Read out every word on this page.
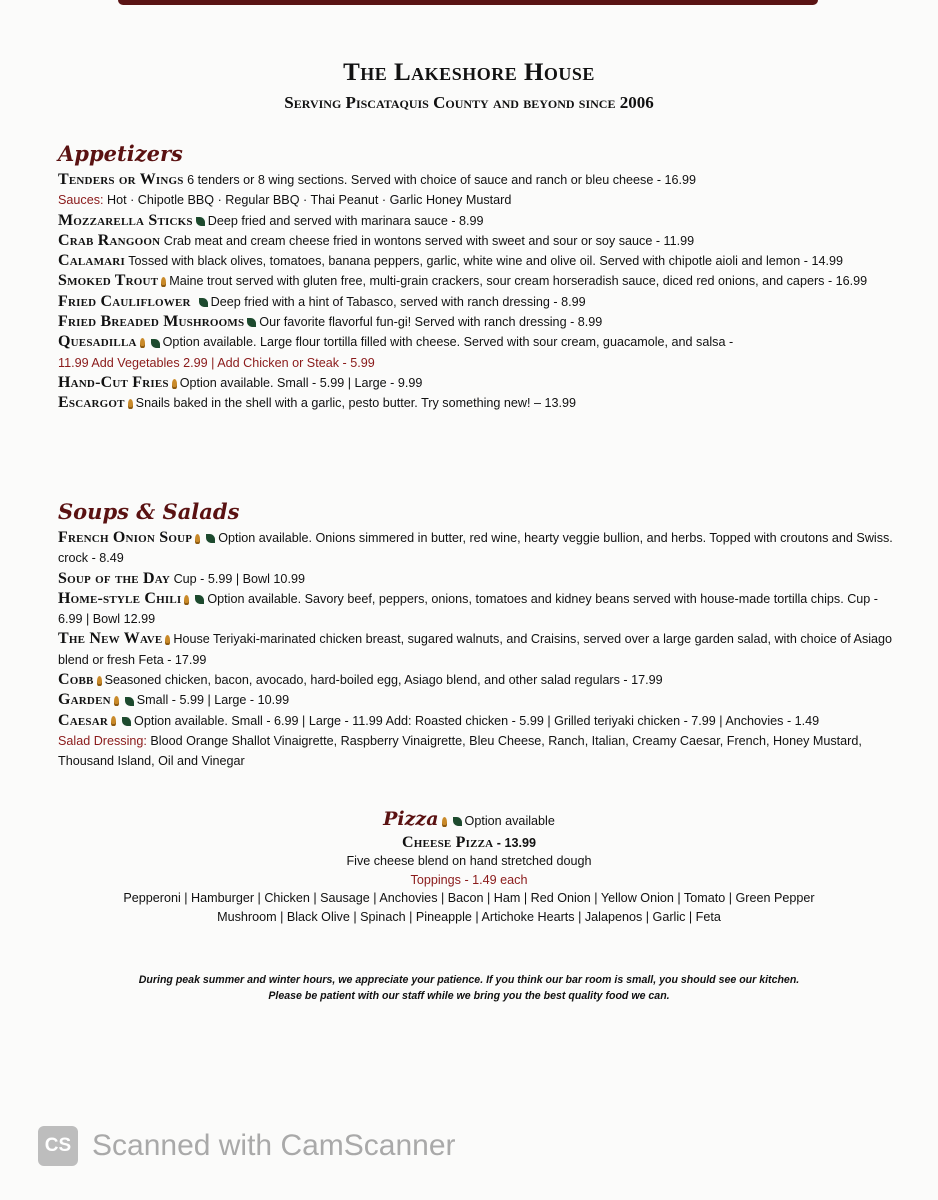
The Lakeshore House
Serving Piscataquis County and beyond since 2006
Appetizers
Tenders or Wings 6 tenders or 8 wing sections. Served with choice of sauce and ranch or bleu cheese - 16.99
Sauces: Hot · Chipotle BBQ · Regular BBQ · Thai Peanut · Garlic Honey Mustard
Mozzarella Sticks Deep fried and served with marinara sauce - 8.99
Crab Rangoon Crab meat and cream cheese fried in wontons served with sweet and sour or soy sauce - 11.99
Calamari Tossed with black olives, tomatoes, banana peppers, garlic, white wine and olive oil. Served with chipotle aioli and lemon - 14.99
Smoked Trout Maine trout served with gluten free, multi-grain crackers, sour cream horseradish sauce, diced red onions, and capers - 16.99
Fried Cauliflower Deep fried with a hint of Tabasco, served with ranch dressing - 8.99
Fried Breaded Mushrooms Our favorite flavorful fun-gi! Served with ranch dressing - 8.99
Quesadilla Option available. Large flour tortilla filled with cheese. Served with sour cream, guacamole, and salsa -
11.99 Add Vegetables 2.99 | Add Chicken or Steak - 5.99
Hand-Cut Fries Option available. Small - 5.99 | Large - 9.99
Escargot Snails baked in the shell with a garlic, pesto butter. Try something new! – 13.99
Soups & Salads
French Onion Soup Option available. Onions simmered in butter, red wine, hearty veggie bullion, and herbs. Topped with croutons and Swiss. crock - 8.49
Soup of the Day Cup - 5.99 | Bowl 10.99
Home-style Chili Option available. Savory beef, peppers, onions, tomatoes and kidney beans served with house-made tortilla chips. Cup - 6.99 | Bowl 12.99
The New Wave House Teriyaki-marinated chicken breast, sugared walnuts, and Craisins, served over a large garden salad, with choice of Asiago blend or fresh Feta - 17.99
Cobb Seasoned chicken, bacon, avocado, hard-boiled egg, Asiago blend, and other salad regulars - 17.99
Garden Small - 5.99 | Large - 10.99
Caesar Option available. Small - 6.99 | Large - 11.99 Add: Roasted chicken - 5.99 | Grilled teriyaki chicken - 7.99 | Anchovies - 1.49
Salad Dressing: Blood Orange Shallot Vinaigrette, Raspberry Vinaigrette, Bleu Cheese, Ranch, Italian, Creamy Caesar, French, Honey Mustard, Thousand Island, Oil and Vinegar
Pizza Option available
Cheese Pizza - 13.99
Five cheese blend on hand stretched dough
Toppings - 1.49 each
Pepperoni | Hamburger | Chicken | Sausage | Anchovies | Bacon | Ham | Red Onion | Yellow Onion | Tomato | Green Pepper
Mushroom | Black Olive | Spinach | Pineapple | Artichoke Hearts | Jalapenos | Garlic | Feta
During peak summer and winter hours, we appreciate your patience. If you think our bar room is small, you should see our kitchen.
Please be patient with our staff while we bring you the best quality food we can.
CS Scanned with CamScanner
